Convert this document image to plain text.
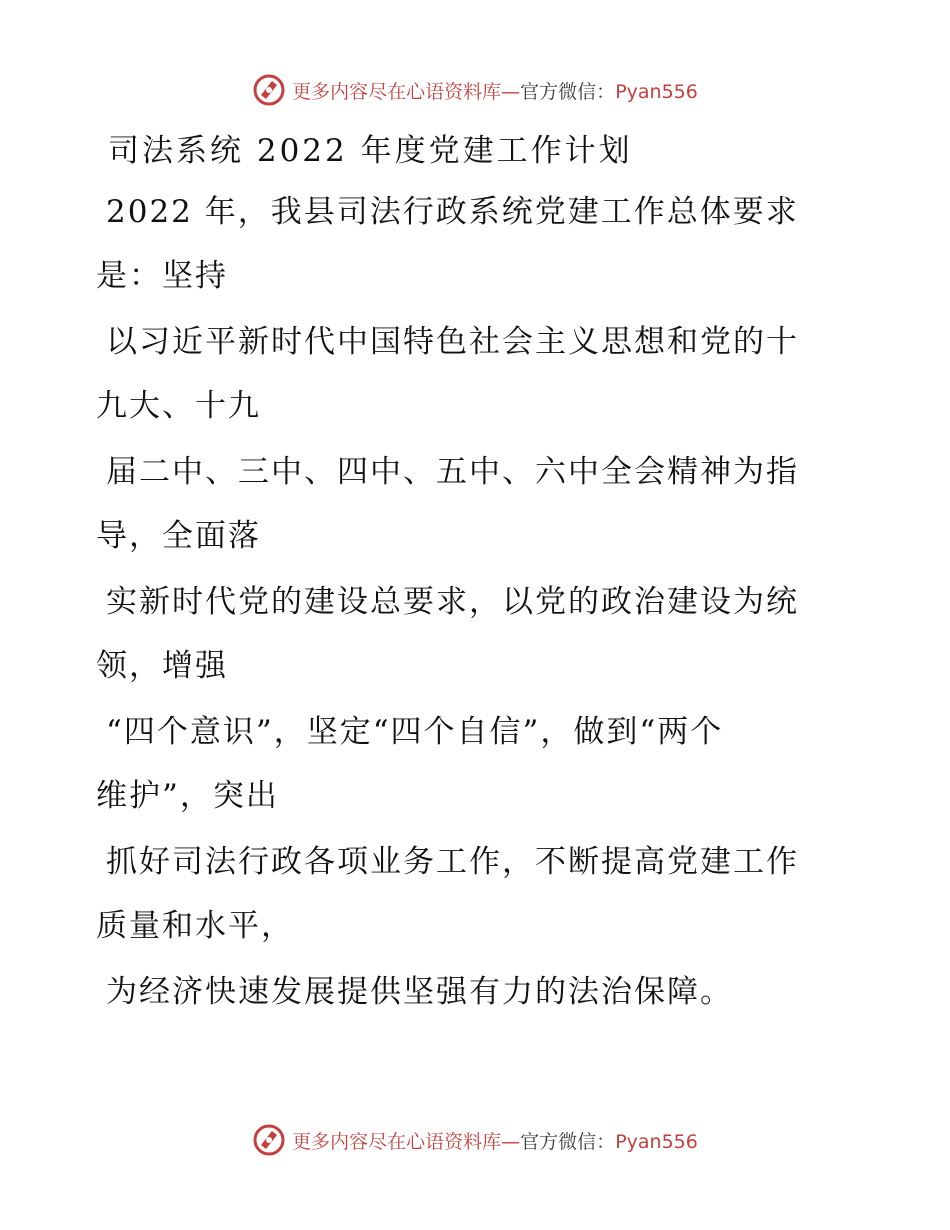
更多内容尽在心语资料库—官方微信：Pyan556
司法系统 2022 年度党建工作计划
2022 年，我县司法行政系统党建工作总体要求
是：坚持
以习近平新时代中国特色社会主义思想和党的十
九大、十九
届二中、三中、四中、五中、六中全会精神为指
导，全面落
实新时代党的建设总要求，以党的政治建设为统
领，增强
“四个意识”，坚定“四个自信”，做到“两个
维护”，突出
抓好司法行政各项业务工作，不断提高党建工作
质量和水平，
为经济快速发展提供坚强有力的法治保障。
更多内容尽在心语资料库—官方微信：Pyan556
